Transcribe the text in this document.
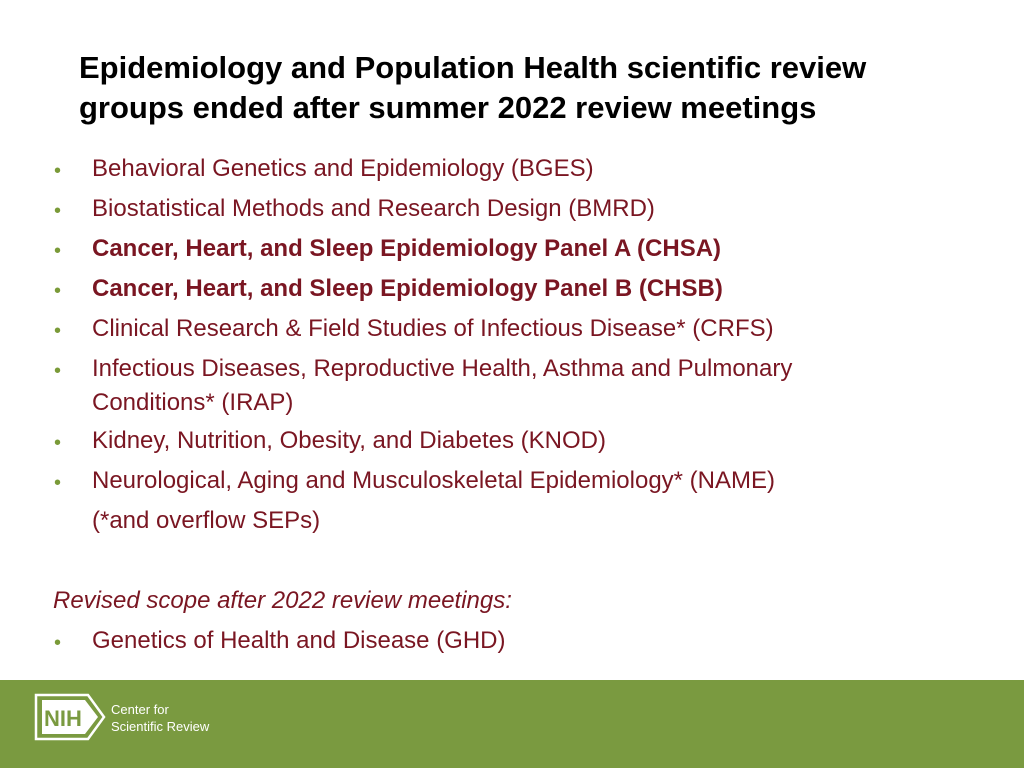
Epidemiology and Population Health scientific review
groups ended after summer 2022 review meetings
•	Behavioral Genetics and Epidemiology (BGES)
•	Biostatistical Methods and Research Design (BMRD)
•	Cancer, Heart, and Sleep Epidemiology Panel A (CHSA)
•	Cancer, Heart, and Sleep Epidemiology Panel B (CHSB)
•	Clinical Research & Field Studies of Infectious Disease* (CRFS)
•	Infectious Diseases, Reproductive Health, Asthma and Pulmonary
Conditions* (IRAP)
•	Kidney, Nutrition, Obesity, and Diabetes (KNOD)
•	Neurological, Aging and Musculoskeletal Epidemiology* (NAME)
(*and overflow SEPs)
Revised scope after 2022 review meetings:
•	Genetics of Health and Disease (GHD)
NIH Center for
Scientific Review
